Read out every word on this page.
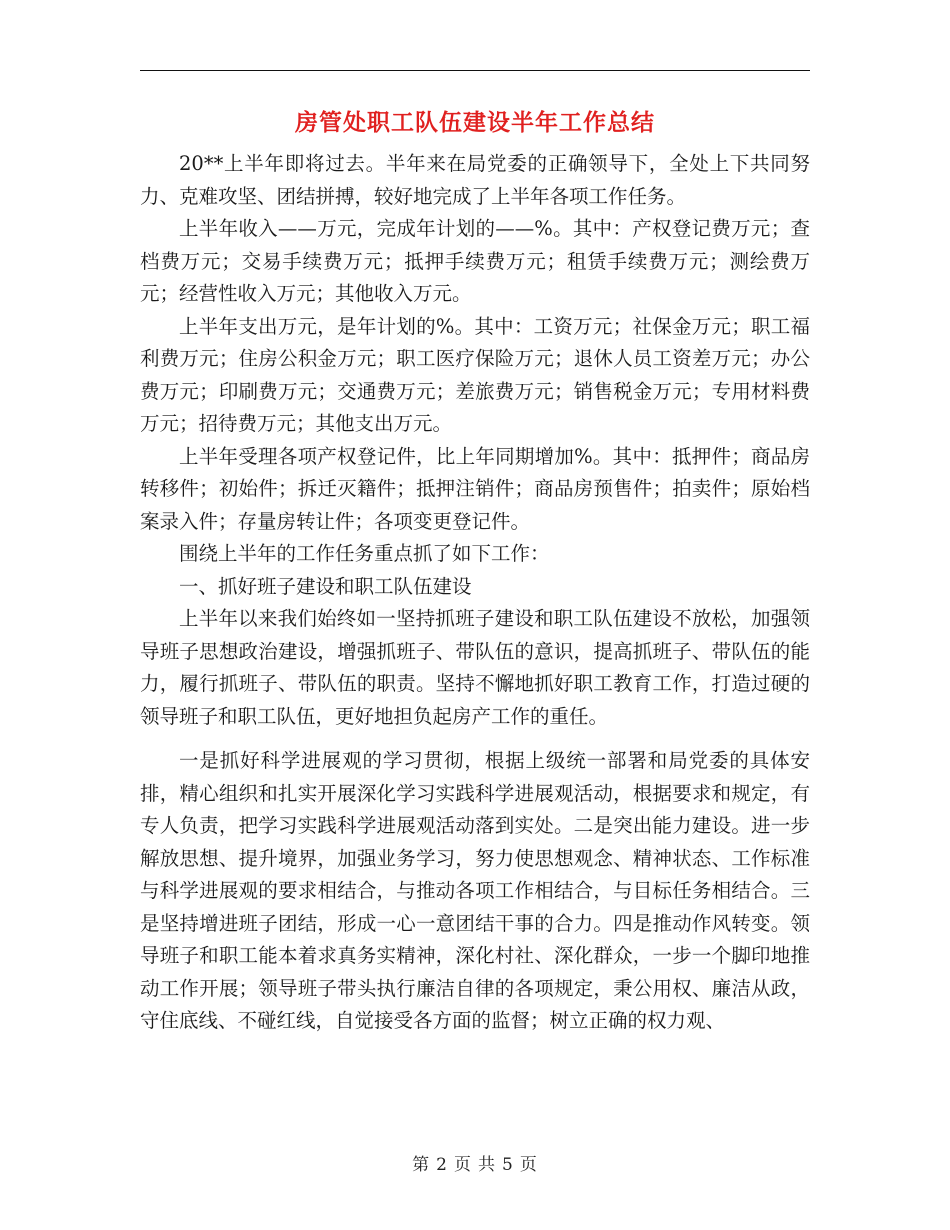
房管处职工队伍建设半年工作总结

20**上半年即将过去。半年来在局党委的正确领导下，全处上下共同努力、克难攻坚、团结拼搏，较好地完成了上半年各项工作任务。

上半年收入——万元，完成年计划的——%。其中：产权登记费万元；查档费万元；交易手续费万元；抵押手续费万元；租赁手续费万元；测绘费万元；经营性收入万元；其他收入万元。

上半年支出万元，是年计划的%。其中：工资万元；社保金万元；职工福利费万元；住房公积金万元；职工医疗保险万元；退休人员工资差万元；办公费万元；印刷费万元；交通费万元；差旅费万元；销售税金万元；专用材料费万元；招待费万元；其他支出万元。

上半年受理各项产权登记件，比上年同期增加%。其中：抵押件；商品房转移件；初始件；拆迁灭籍件；抵押注销件；商品房预售件；拍卖件；原始档案录入件；存量房转让件；各项变更登记件。

围绕上半年的工作任务重点抓了如下工作：

一、抓好班子建设和职工队伍建设

上半年以来我们始终如一坚持抓班子建设和职工队伍建设不放松，加强领导班子思想政治建设，增强抓班子、带队伍的意识，提高抓班子、带队伍的能力，履行抓班子、带队伍的职责。坚持不懈地抓好职工教育工作，打造过硬的领导班子和职工队伍，更好地担负起房产工作的重任。

一是抓好科学进展观的学习贯彻，根据上级统一部署和局党委的具体安排，精心组织和扎实开展深化学习实践科学进展观活动，根据要求和规定，有专人负责，把学习实践科学进展观活动落到实处。二是突出能力建设。进一步解放思想、提升境界，加强业务学习，努力使思想观念、精神状态、工作标准与科学进展观的要求相结合，与推动各项工作相结合，与目标任务相结合。三是坚持增进班子团结，形成一心一意团结干事的合力。四是推动作风转变。领导班子和职工能本着求真务实精神，深化村社、深化群众，一步一个脚印地推动工作开展；领导班子带头执行廉洁自律的各项规定，秉公用权、廉洁从政，守住底线、不碰红线，自觉接受各方面的监督；树立正确的权力观、

第 2 页 共 5 页
